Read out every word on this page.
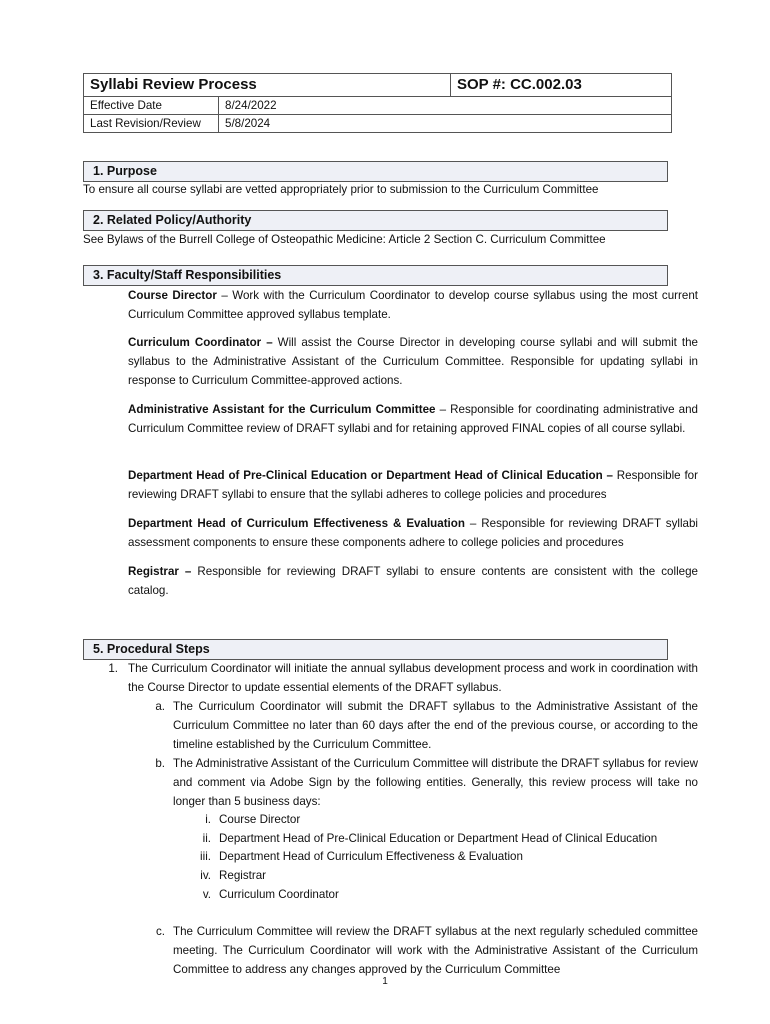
Syllabi Review Process		SOP #: CC.002.03
Effective Date	8/24/2022	
Last Revision/Review	5/8/2024	
1. Purpose
To ensure all course syllabi are vetted appropriately prior to submission to the Curriculum Committee
2. Related Policy/Authority
See Bylaws of the Burrell College of Osteopathic Medicine: Article 2 Section C. Curriculum Committee
3. Faculty/Staff Responsibilities
Course Director – Work with the Curriculum Coordinator to develop course syllabus using the most current Curriculum Committee approved syllabus template.
Curriculum Coordinator – Will assist the Course Director in developing course syllabi and will submit the syllabus to the Administrative Assistant of the Curriculum Committee. Responsible for updating syllabi in response to Curriculum Committee-approved actions.
Administrative Assistant for the Curriculum Committee – Responsible for coordinating administrative and Curriculum Committee review of DRAFT syllabi and for retaining approved FINAL copies of all course syllabi.
Department Head of Pre-Clinical Education or Department Head of Clinical Education – Responsible for reviewing DRAFT syllabi to ensure that the syllabi adheres to college policies and procedures
Department Head of Curriculum Effectiveness & Evaluation – Responsible for reviewing DRAFT syllabi assessment components to ensure these components adhere to college policies and procedures
Registrar – Responsible for reviewing DRAFT syllabi to ensure contents are consistent with the college catalog.
5. Procedural Steps
1. The Curriculum Coordinator will initiate the annual syllabus development process and work in coordination with the Course Director to update essential elements of the DRAFT syllabus.
a. The Curriculum Coordinator will submit the DRAFT syllabus to the Administrative Assistant of the Curriculum Committee no later than 60 days after the end of the previous course, or according to the timeline established by the Curriculum Committee.
b. The Administrative Assistant of the Curriculum Committee will distribute the DRAFT syllabus for review and comment via Adobe Sign by the following entities. Generally, this review process will take no longer than 5 business days:
i. Course Director
ii. Department Head of Pre-Clinical Education or Department Head of Clinical Education
iii. Department Head of Curriculum Effectiveness & Evaluation
iv. Registrar
v. Curriculum Coordinator
c. The Curriculum Committee will review the DRAFT syllabus at the next regularly scheduled committee meeting. The Curriculum Coordinator will work with the Administrative Assistant of the Curriculum Committee to address any changes approved by the Curriculum Committee
1
